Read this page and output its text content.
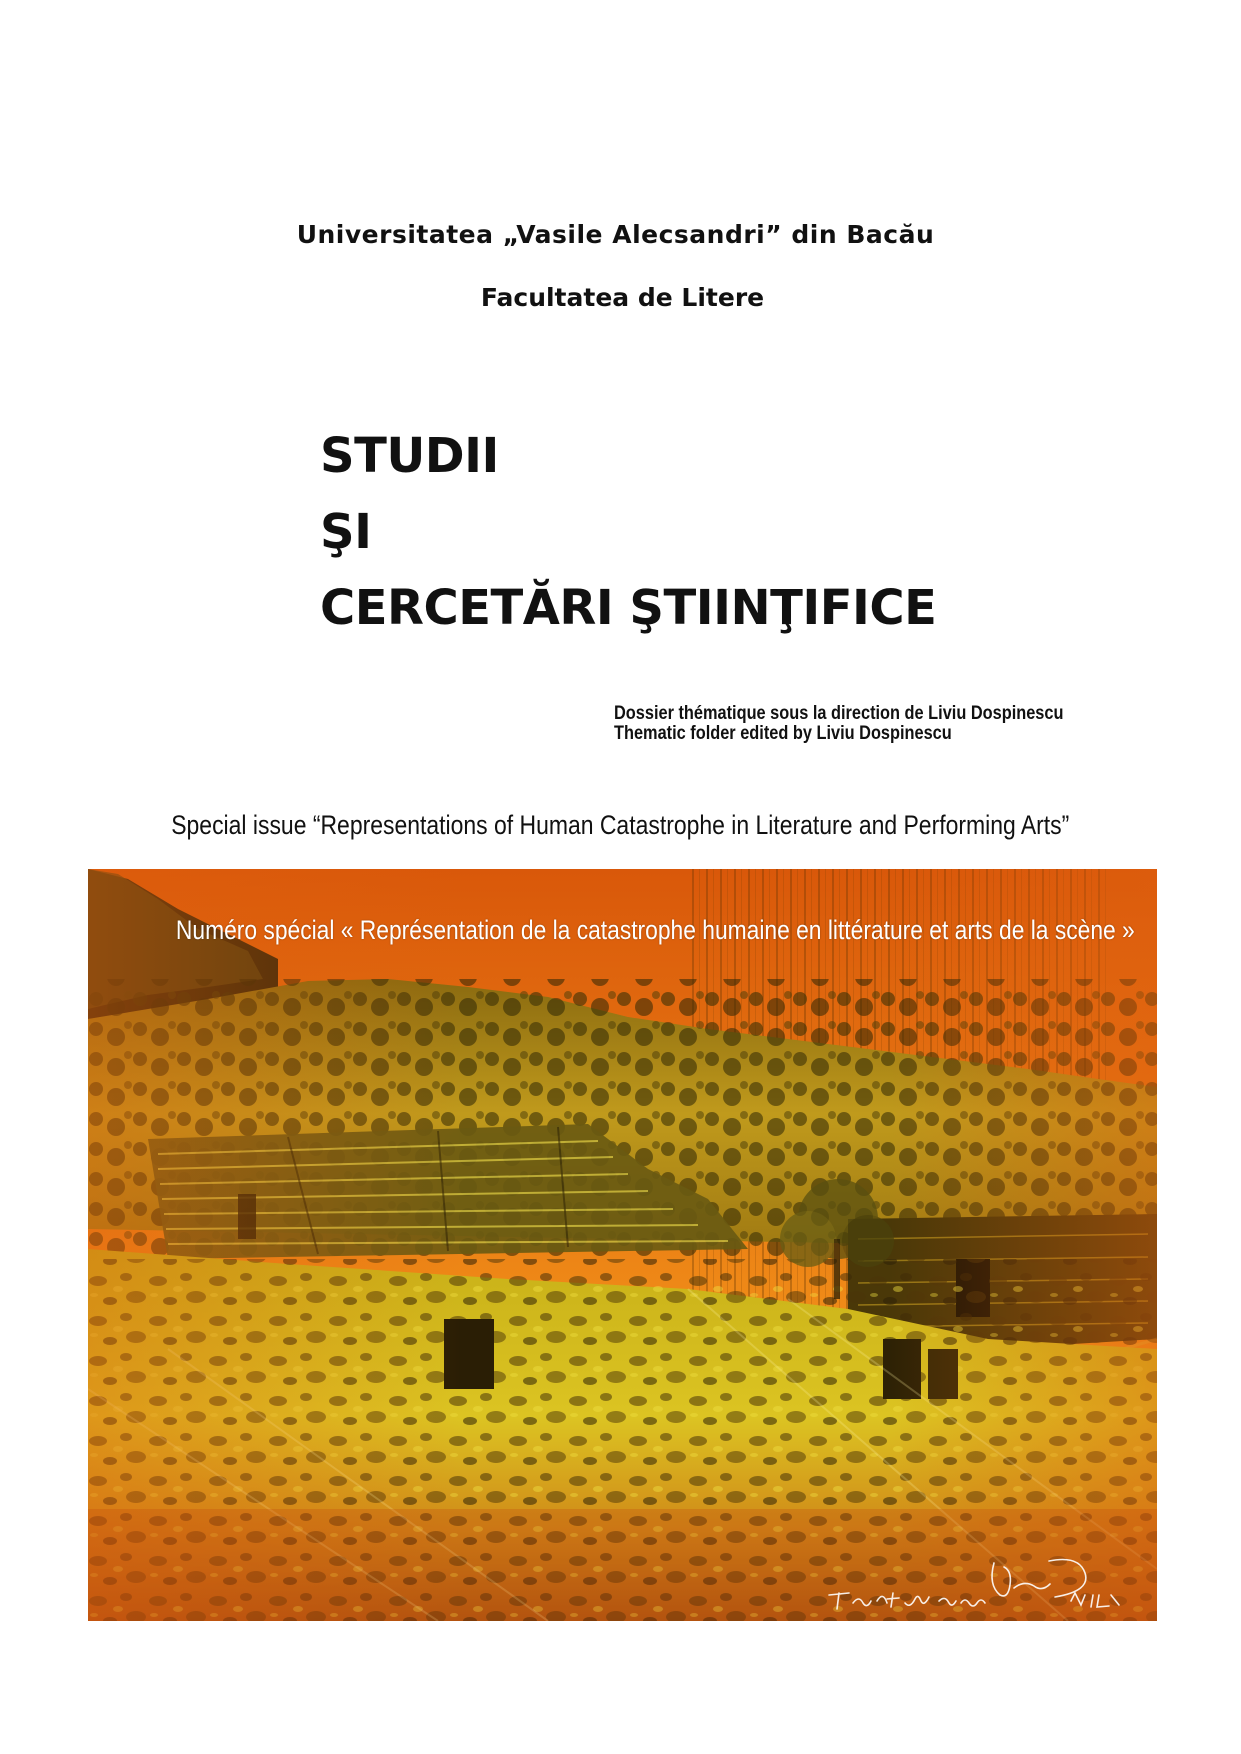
Universitatea „Vasile Alecsandri” din Bacău
Facultatea de Litere
STUDII
ŞI
CERCETĂRI ŞTIINŢIFICE
Dossier thématique sous la direction de Liviu Dospinescu
Thematic folder edited by Liviu Dospinescu
Special issue “Representations of Human Catastrophe in Literature and Performing Arts”
Numéro spécial « Représentation de la catastrophe humaine en littérature et arts de la scène »
Teatru în ruine · Liviu · 2013
